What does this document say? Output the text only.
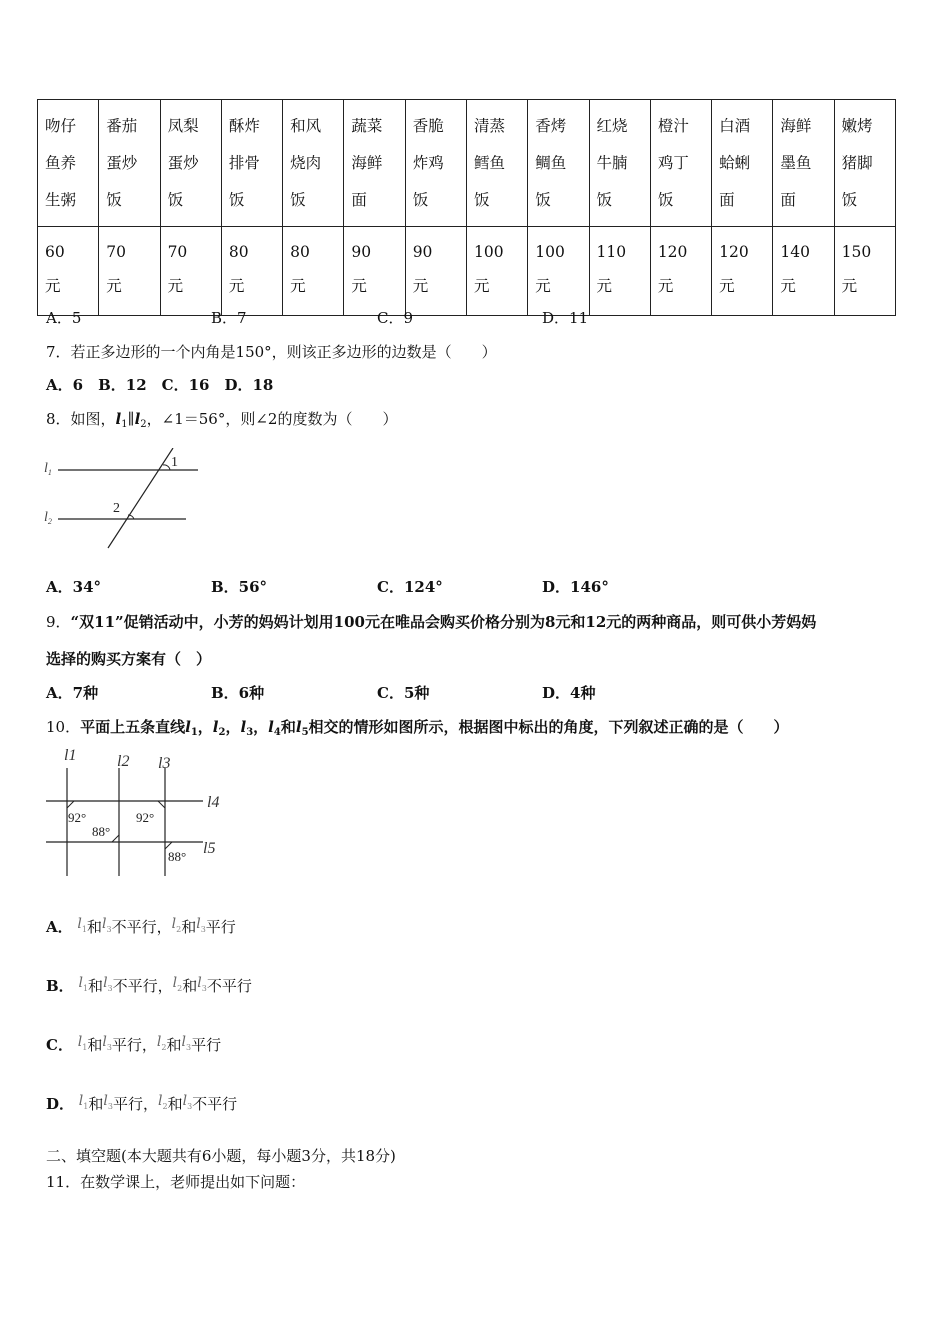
吻仔鱼养生粥	番茄蛋炒饭	凤梨蛋炒饭	酥炸排骨饭	和风烧肉饭	蔬菜海鲜面	香脆炸鸡饭	清蒸鳕鱼饭	香烤鲷鱼饭	红烧牛腩饭	橙汁鸡丁饭	白酒蛤蜊面	海鲜墨鱼面	嫩烤猪脚饭

60元	70元	70元	80元	80元	90元	90元	100元	100元	110元	120元	120元	140元	150元
A．5	B．7	C．9	D．11
7．若正多边形的一个内角是150°，则该正多边形的边数是（　　）
A．6　B．12　C．16　D．18
8．如图，$l_1\parallel l_2$，∠1＝56°，则∠2的度数为（　　）
$l_1$
$l_2$
1
2
A．34°	B．56°	C．124°	D．146°
9．“双11”促销活动中，小芳的妈妈计划用100元在唯品会购买价格分别为8元和12元的两种商品，则可供小芳妈妈
选择的购买方案有（　）
A．7种	B．6种	C．5种	D．4种
10．平面上五条直线$l_1$，$l_2$，$l_3$，$l_4$和$l_5$相交的情形如图所示，根据图中标出的角度，下列叙述正确的是（　　）
l1	l2 l3
l4
l5
92°
88°
92°
88°
A． l1和l3不平行，l2和l3平行
B． l1和l3不平行，l2和l3不平行
C． l1和l3平行，l2和l3平行
D． l1和l3平行，l2和l3不平行
二、填空题(本大题共有6小题，每小题3分，共18分)
11．在数学课上，老师提出如下问题：
